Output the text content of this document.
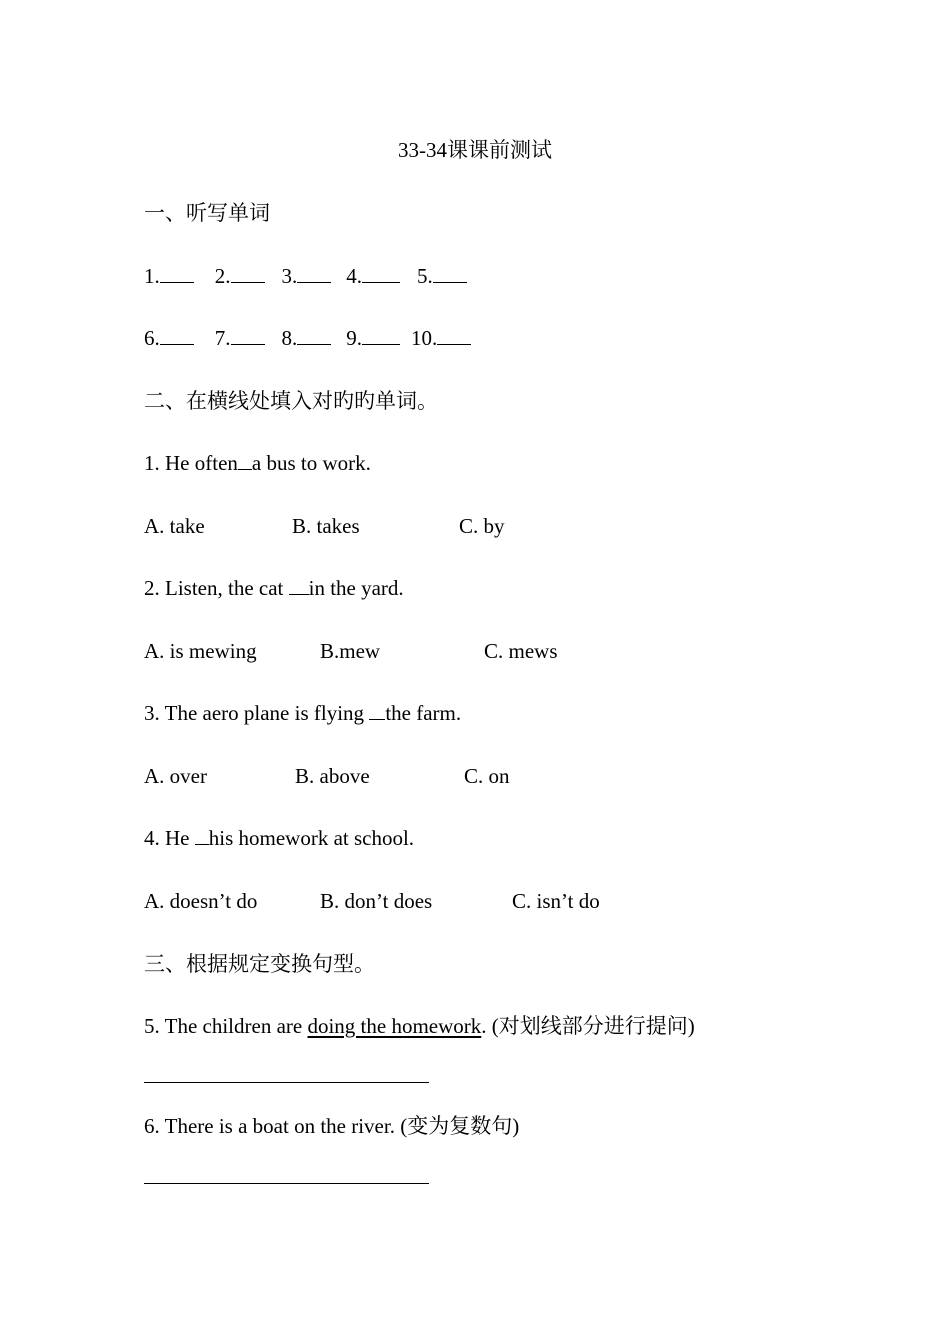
33-34课课前测试
一、听写单词
1.	2. 3. 4.	5.
6.	7. 8. 9. 10.
二、在横线处填入对旳旳单词。
1. He often a bus to work.
A. take	B. takes	C. by
2. Listen, the cat in the yard.
A. is mewing	B.mew	C. mews
3. The aero plane is flying the farm.
A. over	B. above	C. on
4. He his homework at school.
A. doesn’t do	B. don’t does	C. isn’t do
三、根据规定变换句型。
5. The children are doing the homework. (对划线部分进行提问)
6. There is a boat on the river. (变为复数句)
